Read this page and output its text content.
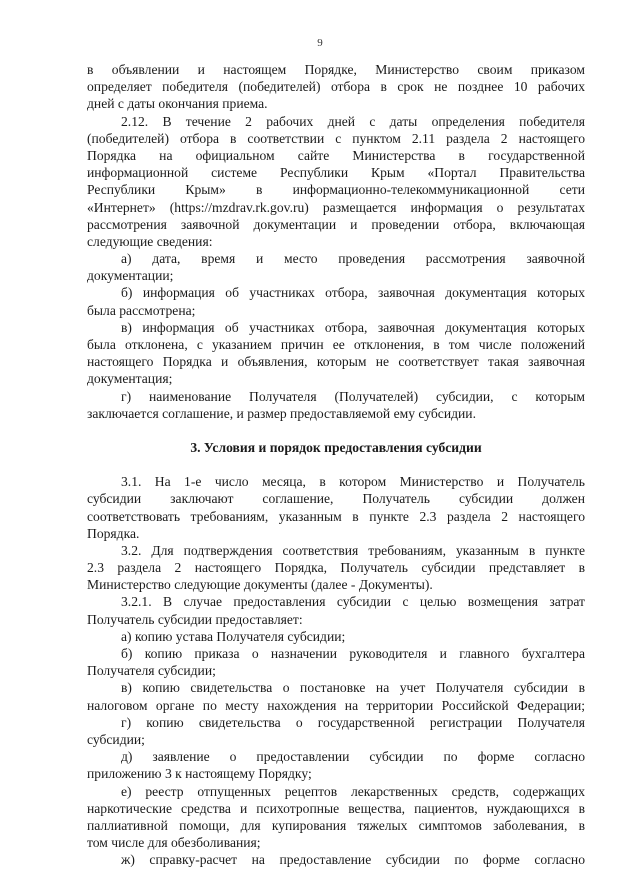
9
в объявлении и настоящем Порядке, Министерство своим приказом
определяет победителя (победителей) отбора в срок не позднее 10 рабочих
дней с даты окончания приема.
2.12. В течение 2 рабочих дней с даты определения победителя
(победителей) отбора в соответствии с пунктом 2.11 раздела 2 настоящего
Порядка на официальном сайте Министерства в государственной
информационной системе Республики Крым «Портал Правительства
Республики Крым» в информационно-телекоммуникационной сети
«Интернет» (https://mzdrav.rk.gov.ru) размещается информация о результатах
рассмотрения заявочной документации и проведении отбора, включающая
следующие сведения:
а) дата, время и место проведения рассмотрения заявочной
документации;
б) информация об участниках отбора, заявочная документация которых
была рассмотрена;
в) информация об участниках отбора, заявочная документация которых
была отклонена, с указанием причин ее отклонения, в том числе положений
настоящего Порядка и объявления, которым не соответствует такая заявочная
документация;
г) наименование Получателя (Получателей) субсидии, с которым
заключается соглашение, и размер предоставляемой ему субсидии.
3. Условия и порядок предоставления субсидии
3.1. На 1-е число месяца, в котором Министерство и Получатель
субсидии заключают соглашение, Получатель субсидии должен
соответствовать требованиям, указанным в пункте 2.3 раздела 2 настоящего
Порядка.
3.2. Для подтверждения соответствия требованиям, указанным в пункте
2.3 раздела 2 настоящего Порядка, Получатель субсидии представляет в
Министерство следующие документы (далее - Документы).
3.2.1. В случае предоставления субсидии с целью возмещения затрат
Получатель субсидии предоставляет:
а) копию устава Получателя субсидии;
б) копию приказа о назначении руководителя и главного бухгалтера
Получателя субсидии;
в) копию свидетельства о постановке на учет Получателя субсидии в
налоговом органе по месту нахождения на территории Российской Федерации;
г) копию свидетельства о государственной регистрации Получателя
субсидии;
д) заявление о предоставлении субсидии по форме согласно
приложению 3 к настоящему Порядку;
е) реестр отпущенных рецептов лекарственных средств, содержащих
наркотические средства и психотропные вещества, пациентов, нуждающихся в
паллиативной помощи, для купирования тяжелых симптомов заболевания, в
том числе для обезболивания;
ж) справку-расчет на предоставление субсидии по форме согласно
